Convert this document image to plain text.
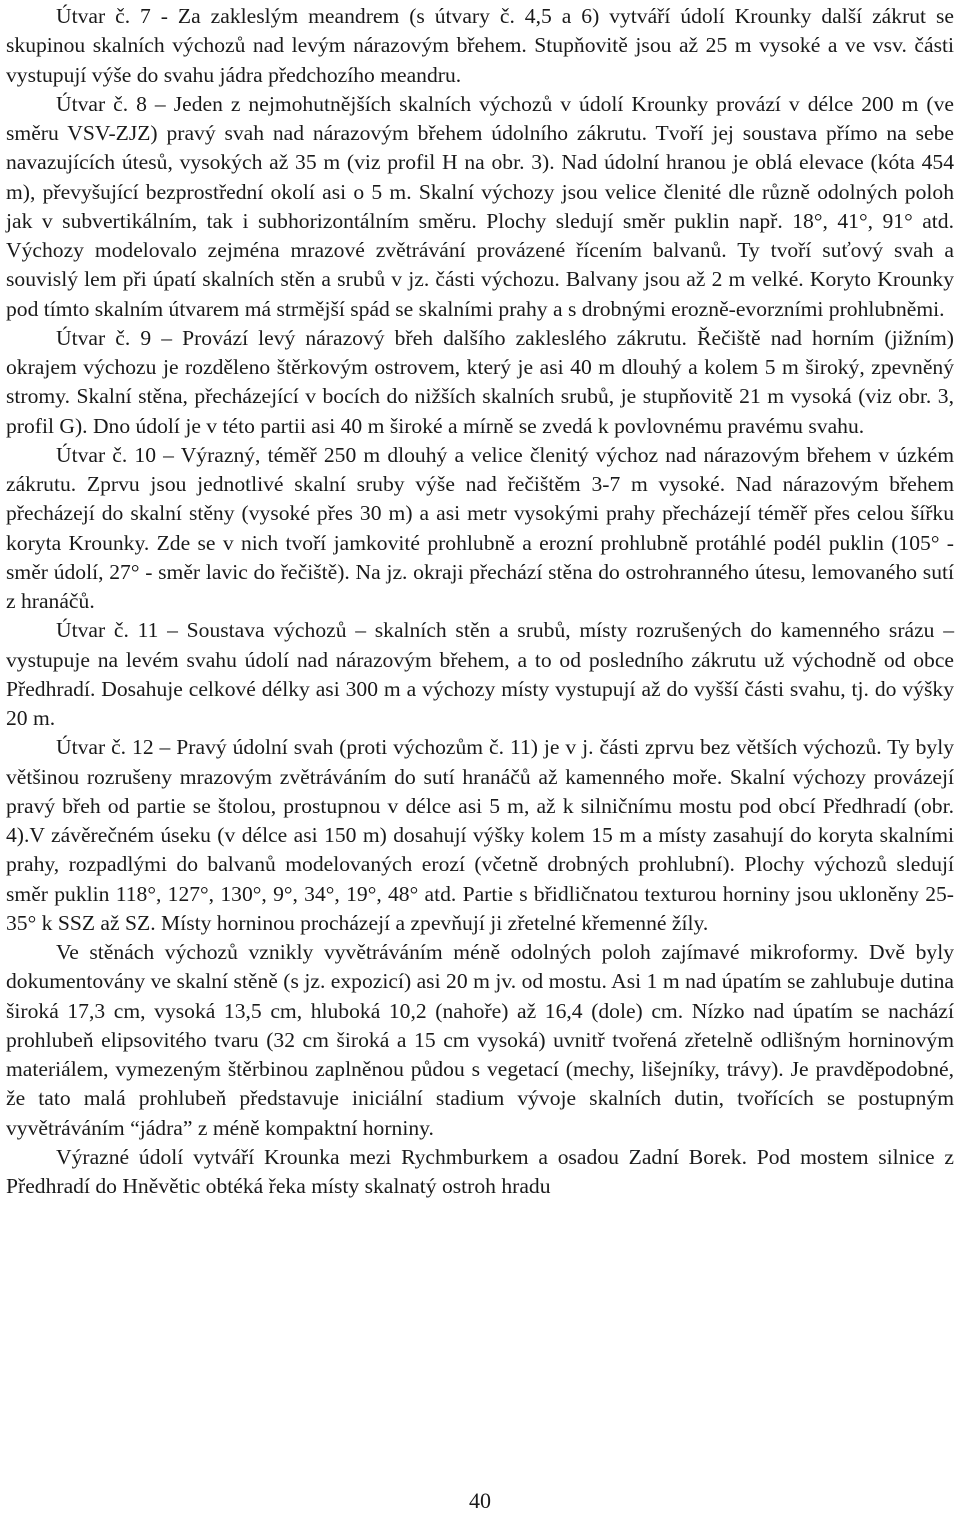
Útvar č. 7 - Za zakleslým meandrem (s útvary č. 4,5 a 6) vytváří údolí Krounky další zákrut se skupinou skalních výchozů nad levým nárazovým břehem. Stupňovitě jsou až 25 m vysoké a ve vsv. části vystupují výše do svahu jádra předchozího meandru.

Útvar č. 8 – Jeden z nejmohutnějších skalních výchozů v údolí Krounky provází v délce 200 m (ve směru VSV-ZJZ) pravý svah nad nárazovým břehem údolního zákrutu. Tvoří jej soustava přímo na sebe navazujících útesů, vysokých až 35 m (viz profil H na obr. 3). Nad údolní hranou je oblá elevace (kóta 454 m), převyšující bezprostřední okolí asi o 5 m. Skalní výchozy jsou velice členité dle různě odolných poloh jak v subvertikálním, tak i subhorizontálním směru. Plochy sledují směr puklin např. 18°, 41°, 91° atd. Výchozy modelovalo zejména mrazové zvětrávání provázené řícením balvanů. Ty tvoří suťový svah a souvislý lem při úpatí skalních stěn a srubů v jz. části výchozu. Balvany jsou až 2 m velké. Koryto Krounky pod tímto skalním útvarem má strmější spád se skalními prahy a s drobnými erozně-evorzními prohlubněmi.

Útvar č. 9 – Provází levý nárazový břeh dalšího zakleslého zákrutu. Řečiště nad horním (jižním) okrajem výchozu je rozděleno štěrkovým ostrovem, který je asi 40 m dlouhý a kolem 5 m široký, zpevněný stromy. Skalní stěna, přecházející v bocích do nižších skalních srubů, je stupňovitě 21 m vysoká (viz obr. 3, profil G). Dno údolí je v této partii asi 40 m široké a mírně se zvedá k povlovnému pravému svahu.

Útvar č. 10 – Výrazný, téměř 250 m dlouhý a velice členitý výchoz nad nárazovým břehem v úzkém zákrutu. Zprvu jsou jednotlivé skalní sruby výše nad řečištěm 3-7 m vysoké. Nad nárazovým břehem přecházejí do skalní stěny (vysoké přes 30 m) a asi metr vysokými prahy přecházejí téměř přes celou šířku koryta Krounky. Zde se v nich tvoří jamkovité prohlubně a erozní prohlubně protáhlé podél puklin (105° - směr údolí, 27° - směr lavic do řečiště). Na jz. okraji přechází stěna do ostrohranného útesu, lemovaného sutí z hranáčů.

Útvar č. 11 – Soustava výchozů – skalních stěn a srubů, místy rozrušených do kamenného srázu – vystupuje na levém svahu údolí nad nárazovým břehem, a to od posledního zákrutu už východně od obce Předhradí. Dosahuje celkové délky asi 300 m a výchozy místy vystupují až do vyšší části svahu, tj. do výšky 20 m.

Útvar č. 12 – Pravý údolní svah (proti výchozům č. 11) je v j. části zprvu bez větších výchozů. Ty byly většinou rozrušeny mrazovým zvětráváním do sutí hranáčů až kamenného moře. Skalní výchozy provázejí pravý břeh od partie se štolou, prostupnou v délce asi 5 m, až k silničnímu mostu pod obcí Předhradí (obr. 4).V závěrečném úseku (v délce asi 150 m) dosahují výšky kolem 15 m a místy zasahují do koryta skalními prahy, rozpadlými do balvanů modelovaných erozí (včetně drobných prohlubní). Plochy výchozů sledují směr puklin 118°, 127°, 130°, 9°, 34°, 19°, 48° atd. Partie s břidličnatou texturou horniny jsou ukloněny 25-35° k SSZ až SZ. Místy horninou procházejí a zpevňují ji zřetelné křemenné žíly.

Ve stěnách výchozů vznikly vyvětráváním méně odolných poloh zajímavé mikroformy. Dvě byly dokumentovány ve skalní stěně (s jz. expozicí) asi 20 m jv. od mostu. Asi 1 m nad úpatím se zahlubuje dutina široká 17,3 cm, vysoká 13,5 cm, hluboká 10,2 (nahoře) až 16,4 (dole) cm. Nízko nad úpatím se nachází prohlubeň elipsovitého tvaru (32 cm široká a 15 cm vysoká) uvnitř tvořená zřetelně odlišným horninovým materiálem, vymezeným štěrbinou zaplněnou půdou s vegetací (mechy, lišejníky, trávy). Je pravděpodobné, že tato malá prohlubeň představuje iniciální stadium vývoje skalních dutin, tvořících se postupným vyvětráváním “jádra” z méně kompaktní horniny.

Výrazné údolí vytváří Krounka mezi Rychmburkem a osadou Zadní Borek. Pod mostem silnice z Předhradí do Hněvětic obtéká řeka místy skalnatý ostroh hradu

40
